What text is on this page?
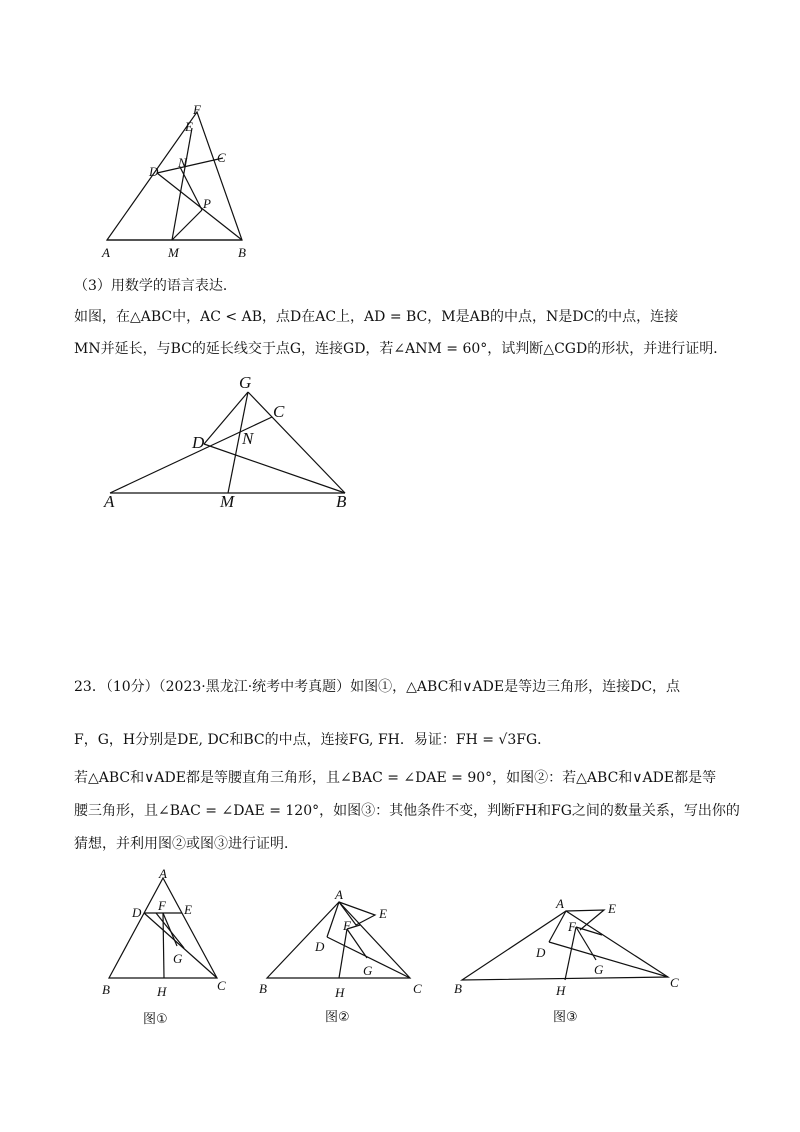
F
E
N C
D
P
A	M	B
（3）用数学的语言表达．
如图，在△ABC中，AC < AB，点D在AC上，AD = BC，M是AB的中点，N是DC的中点，连接
MN并延长，与BC的延长线交于点G，连接GD，若∠ANM = 60°，试判断△CGD的形状，并进行证明．
G
C
D N
A	M	B
23．（10分）（2023·黑龙江·统考中考真题）如图①，△ABC和∨ADE是等边三角形，连接DC，点
F，G，H分别是DE, DC和BC的中点，连接FG, FH．易证：FH = √3FG．
若△ABC和∨ADE都是等腰直角三角形，且∠BAC = ∠DAE = 90°，如图②：若△ABC和∨ADE都是等
腰三角形，且∠BAC = ∠DAE = 120°，如图③：其他条件不变，判断FH和FG之间的数量关系，写出你的
猜想，并利用图②或图③进行证明．
A
D F E
G
B	H	C
图①
A
E
F
D
G
B	H	C
图②
A	E
F
D
G
B	H
C
图③
